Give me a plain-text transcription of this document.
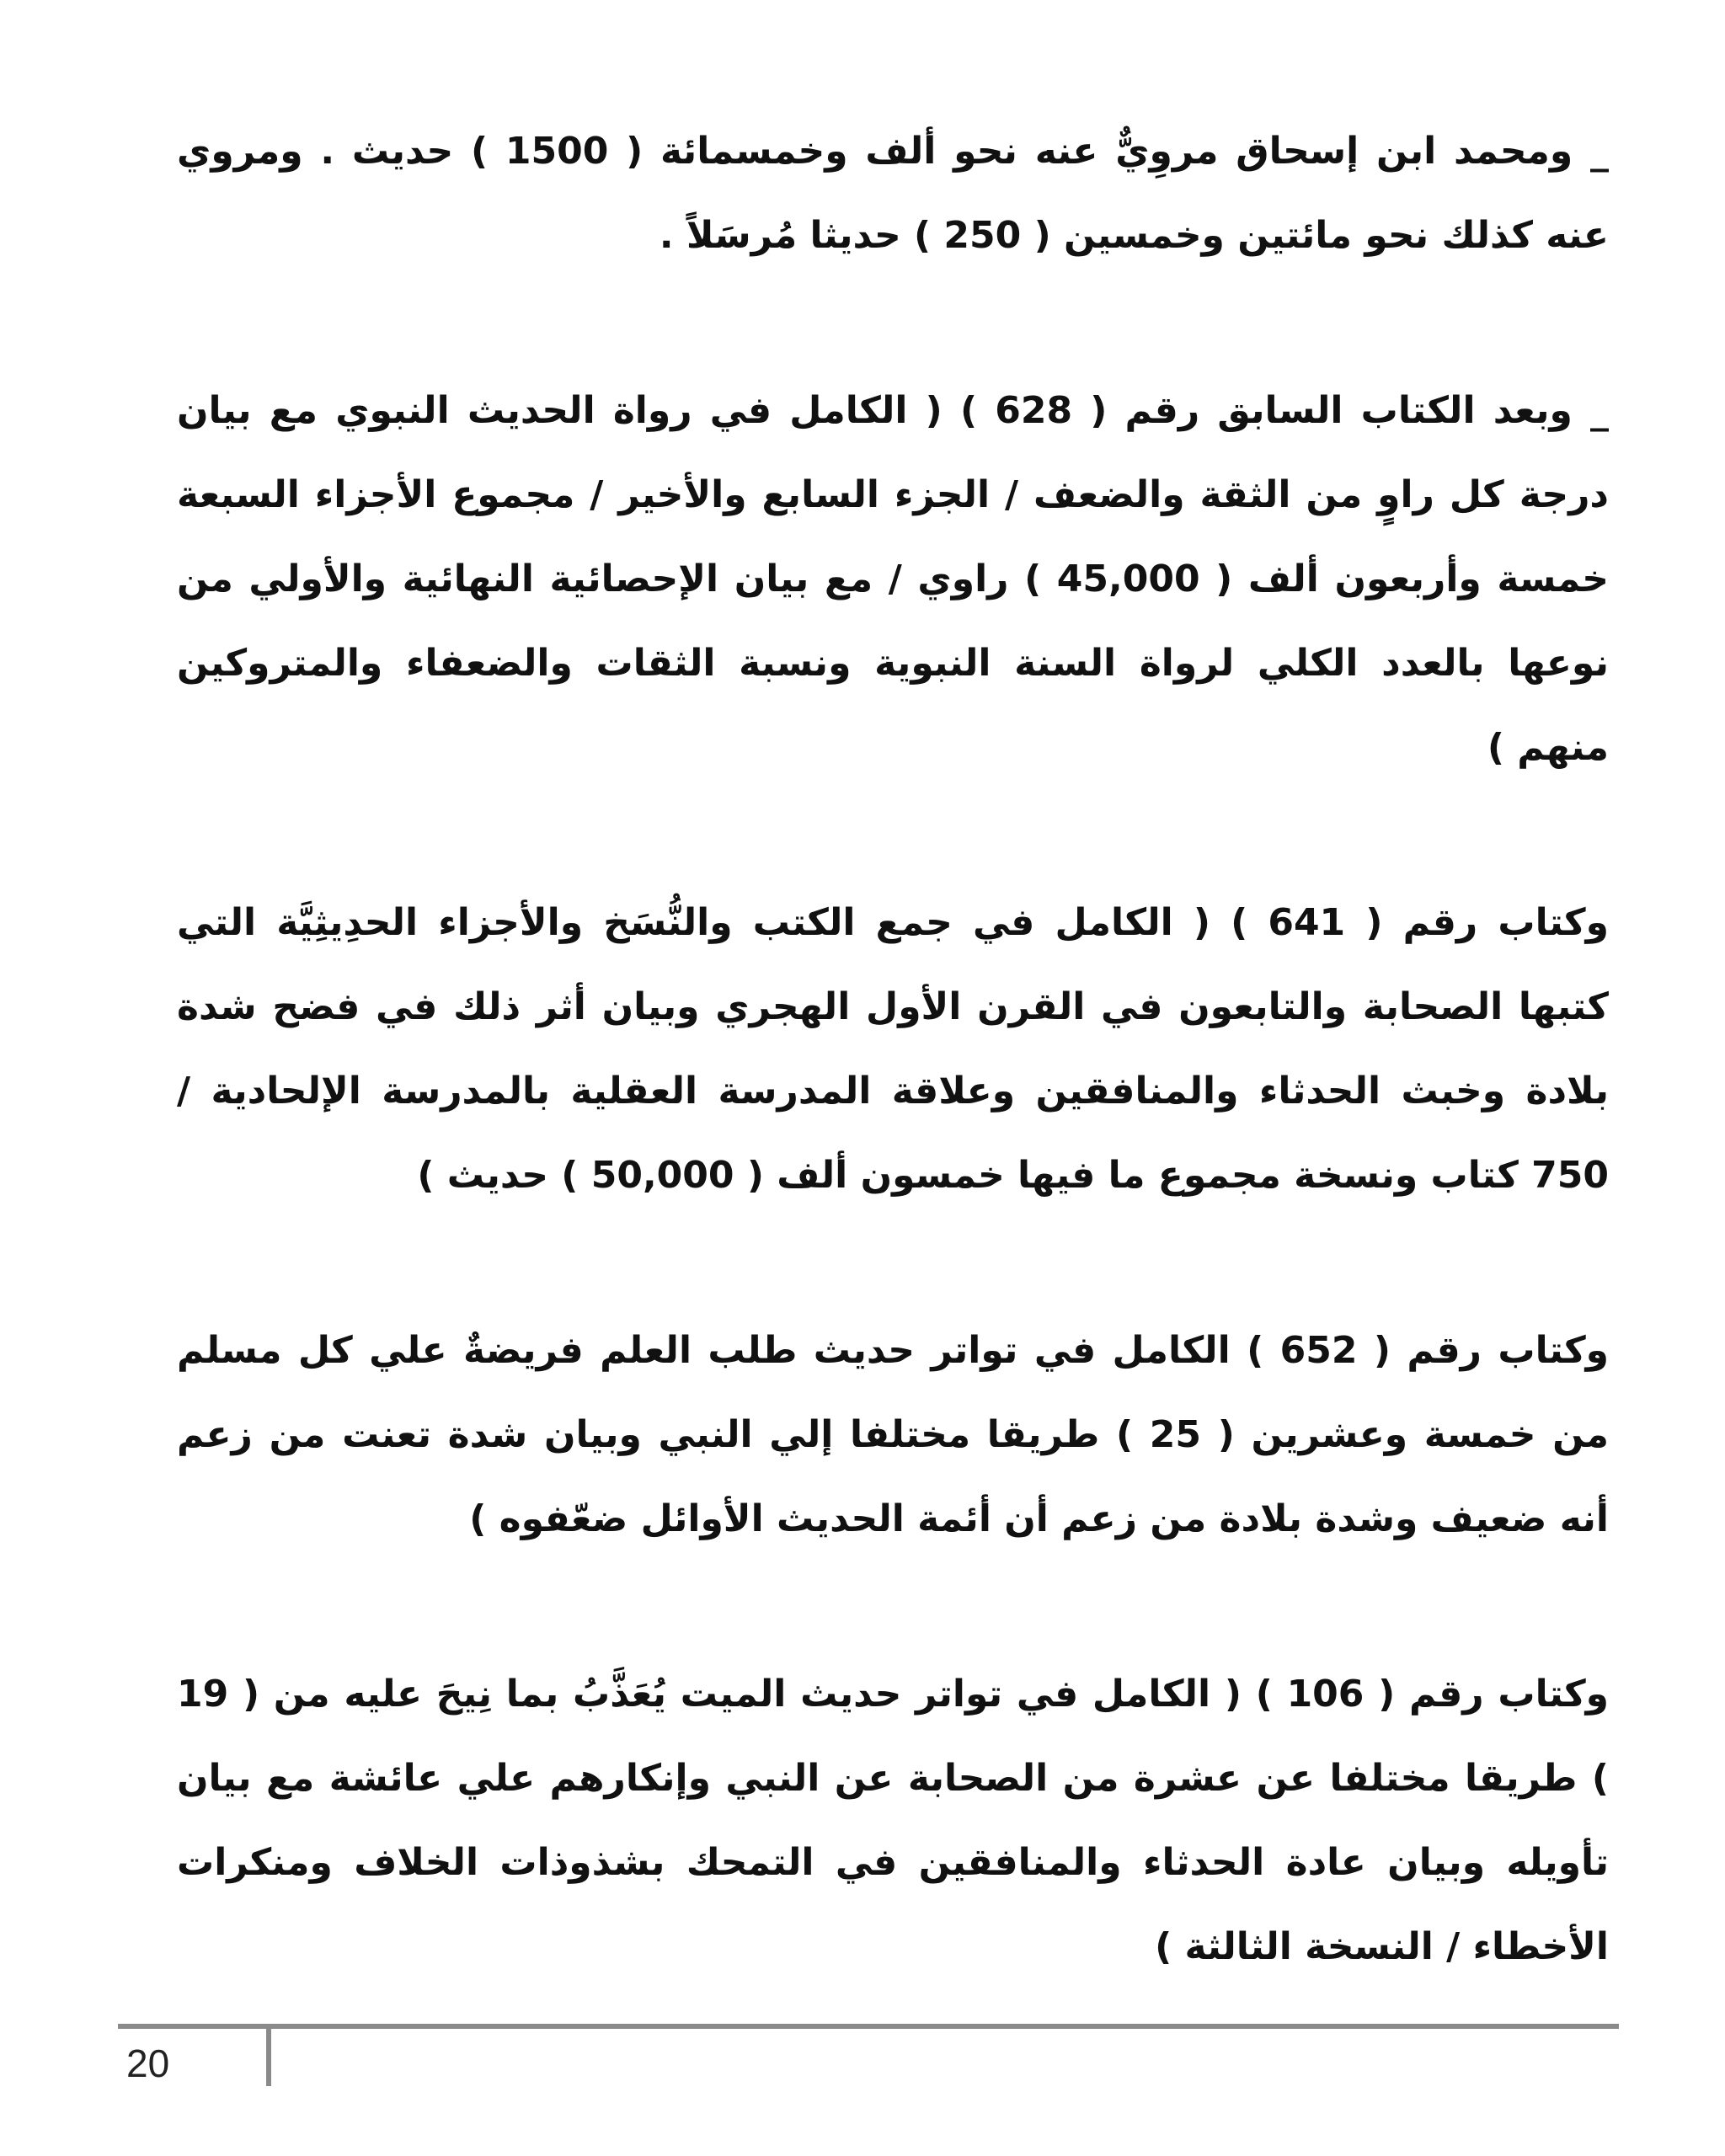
_ ومحمد ابن إسحاق مروِيٌّ عنه نحو ألف وخمسمائة ( 1500 ) حديث . ومروي عنه كذلك نحو مائتين وخمسين ( 250 ) حديثا مُرسَلاً .

_ وبعد الكتاب السابق رقم ( 628 ) ( الكامل في رواة الحديث النبوي مع بيان درجة كل راوٍ من الثقة والضعف / الجزء السابع والأخير / مجموع الأجزاء السبعة خمسة وأربعون ألف ( 45,000 ) راوي / مع بيان الإحصائية النهائية والأولي من نوعها بالعدد الكلي لرواة السنة النبوية ونسبة الثقات والضعفاء والمتروكين منهم )

وكتاب رقم ( 641 ) ( الكامل في جمع الكتب والنُّسَخ والأجزاء الحدِيثِيَّة التي كتبها الصحابة والتابعون في القرن الأول الهجري وبيان أثر ذلك في فضح شدة بلادة وخبث الحدثاء والمنافقين وعلاقة المدرسة العقلية بالمدرسة الإلحادية / 750 كتاب ونسخة مجموع ما فيها خمسون ألف ( 50,000 ) حديث )

وكتاب رقم ( 652 ) الكامل في تواتر حديث طلب العلم فريضةٌ علي كل مسلم من خمسة وعشرين ( 25 ) طريقا مختلفا إلي النبي وبيان شدة تعنت من زعم أنه ضعيف وشدة بلادة من زعم أن أئمة الحديث الأوائل ضعّفوه )

وكتاب رقم ( 106 ) ( الكامل في تواتر حديث الميت يُعَذَّبُ بما نِيحَ عليه من ( 19 ) طريقا مختلفا عن عشرة من الصحابة عن النبي وإنكارهم علي عائشة مع بيان تأويله وبيان عادة الحدثاء والمنافقين في التمحك بشذوذات الخلاف ومنكرات الأخطاء / النسخة الثالثة )

20
